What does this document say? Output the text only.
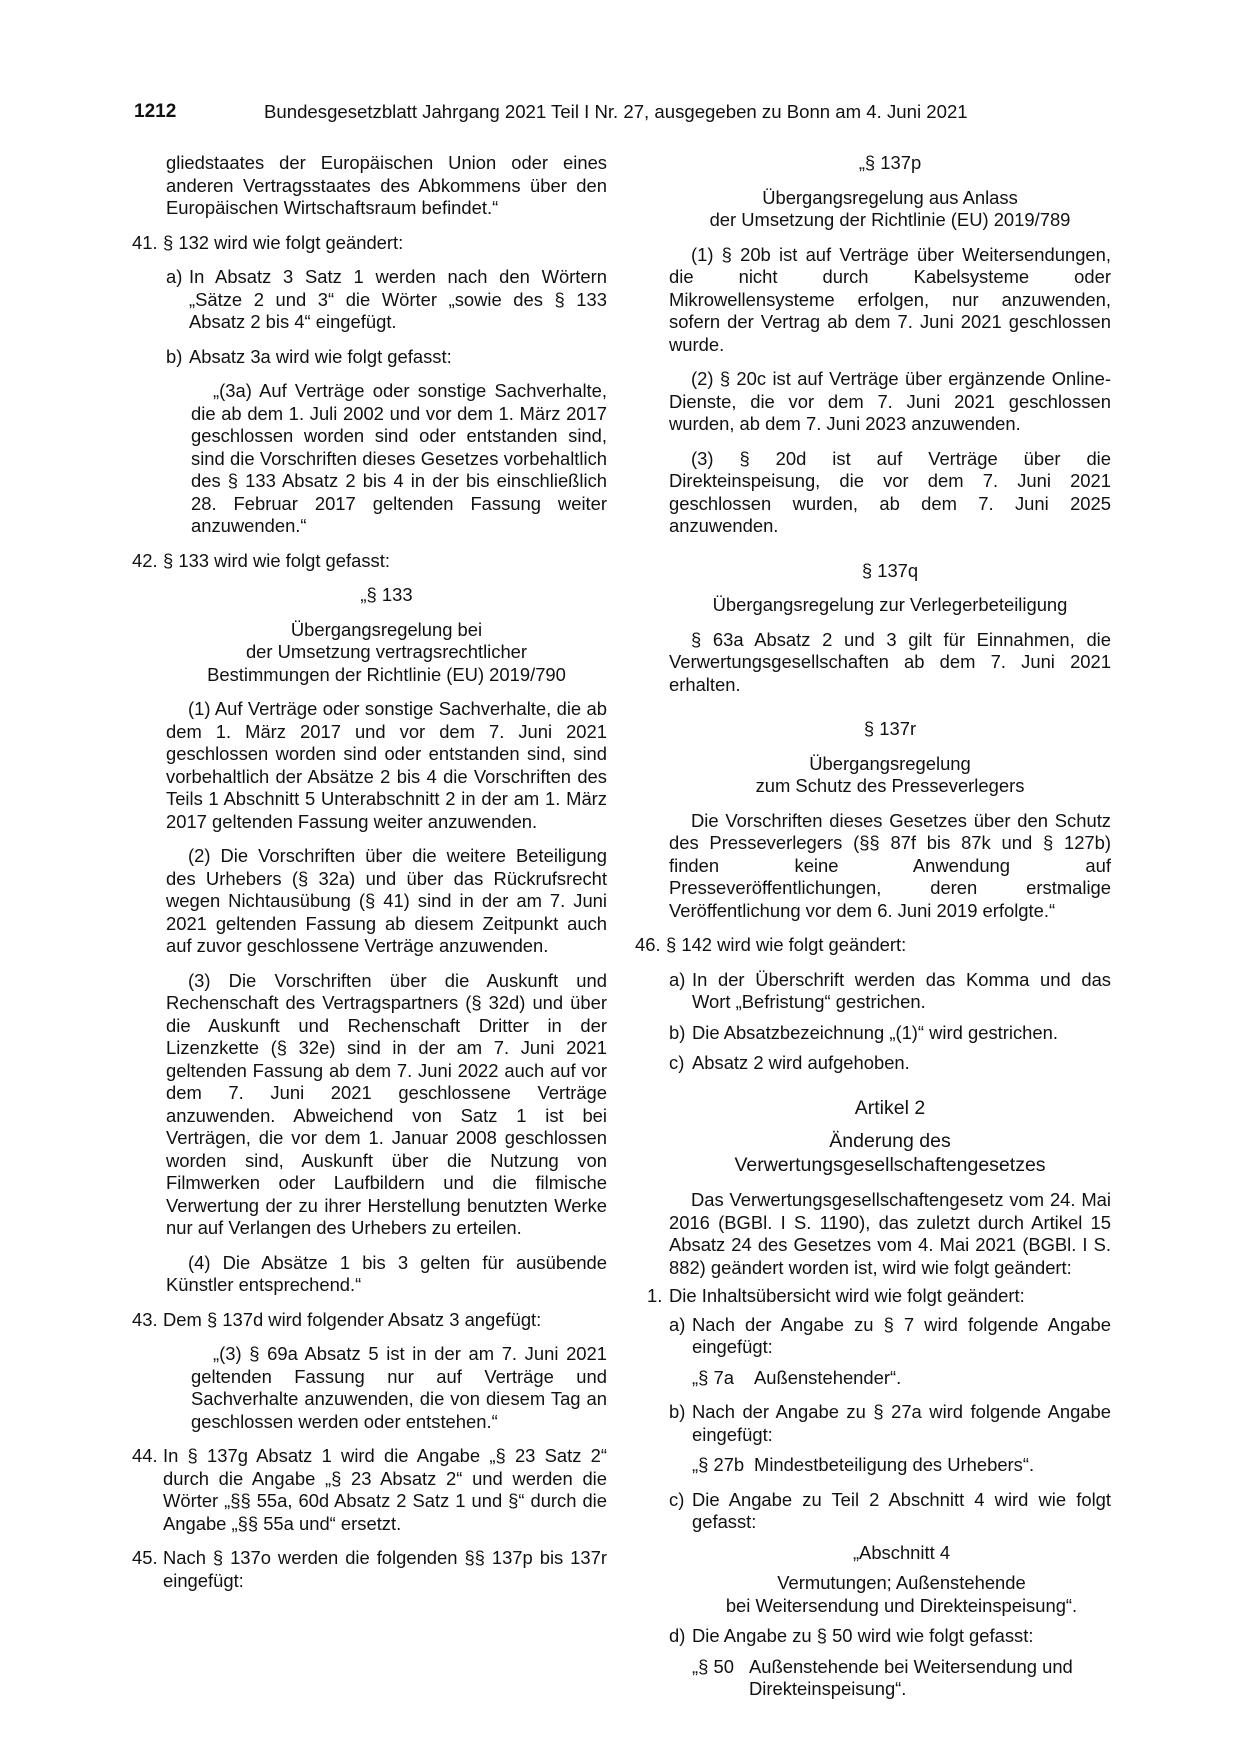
1212	Bundesgesetzblatt Jahrgang 2021 Teil I Nr. 27, ausgegeben zu Bonn am 4. Juni 2021

gliedstaates der Europäischen Union oder eines anderen Vertragsstaates des Abkommens über den Europäischen Wirtschaftsraum befindet.“

41. § 132 wird wie folgt geändert:
a) In Absatz 3 Satz 1 werden nach den Wörtern „Sätze 2 und 3“ die Wörter „sowie des § 133 Absatz 2 bis 4“ eingefügt.
b) Absatz 3a wird wie folgt gefasst:

„(3a) Auf Verträge oder sonstige Sachverhalte, die ab dem 1. Juli 2002 und vor dem 1. März 2017 geschlossen worden sind oder entstanden sind, sind die Vorschriften dieses Gesetzes vorbehaltlich des § 133 Absatz 2 bis 4 in der bis einschließlich 28. Februar 2017 geltenden Fassung weiter anzuwenden.“

42. § 133 wird wie folgt gefasst:

„§ 133

Übergangsregelung bei
der Umsetzung vertragsrechtlicher
Bestimmungen der Richtlinie (EU) 2019/790

(1) Auf Verträge oder sonstige Sachverhalte, die ab dem 1. März 2017 und vor dem 7. Juni 2021 geschlossen worden sind oder entstanden sind, sind vorbehaltlich der Absätze 2 bis 4 die Vorschriften des Teils 1 Abschnitt 5 Unterabschnitt 2 in der am 1. März 2017 geltenden Fassung weiter anzuwenden.

(2) Die Vorschriften über die weitere Beteiligung des Urhebers (§ 32a) und über das Rückrufsrecht wegen Nichtausübung (§ 41) sind in der am 7. Juni 2021 geltenden Fassung ab diesem Zeitpunkt auch auf zuvor geschlossene Verträge anzuwenden.

(3) Die Vorschriften über die Auskunft und Rechenschaft des Vertragspartners (§ 32d) und über die Auskunft und Rechenschaft Dritter in der Lizenzkette (§ 32e) sind in der am 7. Juni 2021 geltenden Fassung ab dem 7. Juni 2022 auch auf vor dem 7. Juni 2021 geschlossene Verträge anzuwenden. Abweichend von Satz 1 ist bei Verträgen, die vor dem 1. Januar 2008 geschlossen worden sind, Auskunft über die Nutzung von Filmwerken oder Laufbildern und die filmische Verwertung der zu ihrer Herstellung benutzten Werke nur auf Verlangen des Urhebers zu erteilen.

(4) Die Absätze 1 bis 3 gelten für ausübende Künstler entsprechend.“

43. Dem § 137d wird folgender Absatz 3 angefügt:

„(3) § 69a Absatz 5 ist in der am 7. Juni 2021 geltenden Fassung nur auf Verträge und Sachverhalte anzuwenden, die von diesem Tag an geschlossen werden oder entstehen.“

44. In § 137g Absatz 1 wird die Angabe „§ 23 Satz 2“ durch die Angabe „§ 23 Absatz 2“ und werden die Wörter „§§ 55a, 60d Absatz 2 Satz 1 und §“ durch die Angabe „§§ 55a und“ ersetzt.
45. Nach § 137o werden die folgenden §§ 137p bis 137r eingefügt:

„§ 137p

Übergangsregelung aus Anlass
der Umsetzung der Richtlinie (EU) 2019/789

(1) § 20b ist auf Verträge über Weitersendungen, die nicht durch Kabelsysteme oder Mikrowellensysteme erfolgen, nur anzuwenden, sofern der Vertrag ab dem 7. Juni 2021 geschlossen wurde.

(2) § 20c ist auf Verträge über ergänzende Online-Dienste, die vor dem 7. Juni 2021 geschlossen wurden, ab dem 7. Juni 2023 anzuwenden.

(3) § 20d ist auf Verträge über die Direkteinspeisung, die vor dem 7. Juni 2021 geschlossen wurden, ab dem 7. Juni 2025 anzuwenden.

§ 137q

Übergangsregelung zur Verlegerbeteiligung

§ 63a Absatz 2 und 3 gilt für Einnahmen, die Verwertungsgesellschaften ab dem 7. Juni 2021 erhalten.

§ 137r

Übergangsregelung
zum Schutz des Presseverlegers

Die Vorschriften dieses Gesetzes über den Schutz des Presseverlegers (§§ 87f bis 87k und § 127b) finden keine Anwendung auf Presseveröffentlichungen, deren erstmalige Veröffentlichung vor dem 6. Juni 2019 erfolgte.“

46. § 142 wird wie folgt geändert:
a) In der Überschrift werden das Komma und das Wort „Befristung“ gestrichen.
b) Die Absatzbezeichnung „(1)“ wird gestrichen.
c) Absatz 2 wird aufgehoben.

Artikel 2

Änderung des
Verwertungsgesellschaftengesetzes

Das Verwertungsgesellschaftengesetz vom 24. Mai 2016 (BGBl. I S. 1190), das zuletzt durch Artikel 15 Absatz 24 des Gesetzes vom 4. Mai 2021 (BGBl. I S. 882) geändert worden ist, wird wie folgt geändert:

1. Die Inhaltsübersicht wird wie folgt geändert:
a) Nach der Angabe zu § 7 wird folgende Angabe eingefügt:
„§ 7a Außenstehender“.
b) Nach der Angabe zu § 27a wird folgende Angabe eingefügt:
„§ 27b Mindestbeteiligung des Urhebers“.
c) Die Angabe zu Teil 2 Abschnitt 4 wird wie folgt gefasst:

„Abschnitt 4

Vermutungen; Außenstehende
bei Weitersendung und Direkteinspeisung“.
d) Die Angabe zu § 50 wird wie folgt gefasst:
„§ 50 Außenstehende bei Weitersendung und Direkteinspeisung“.
